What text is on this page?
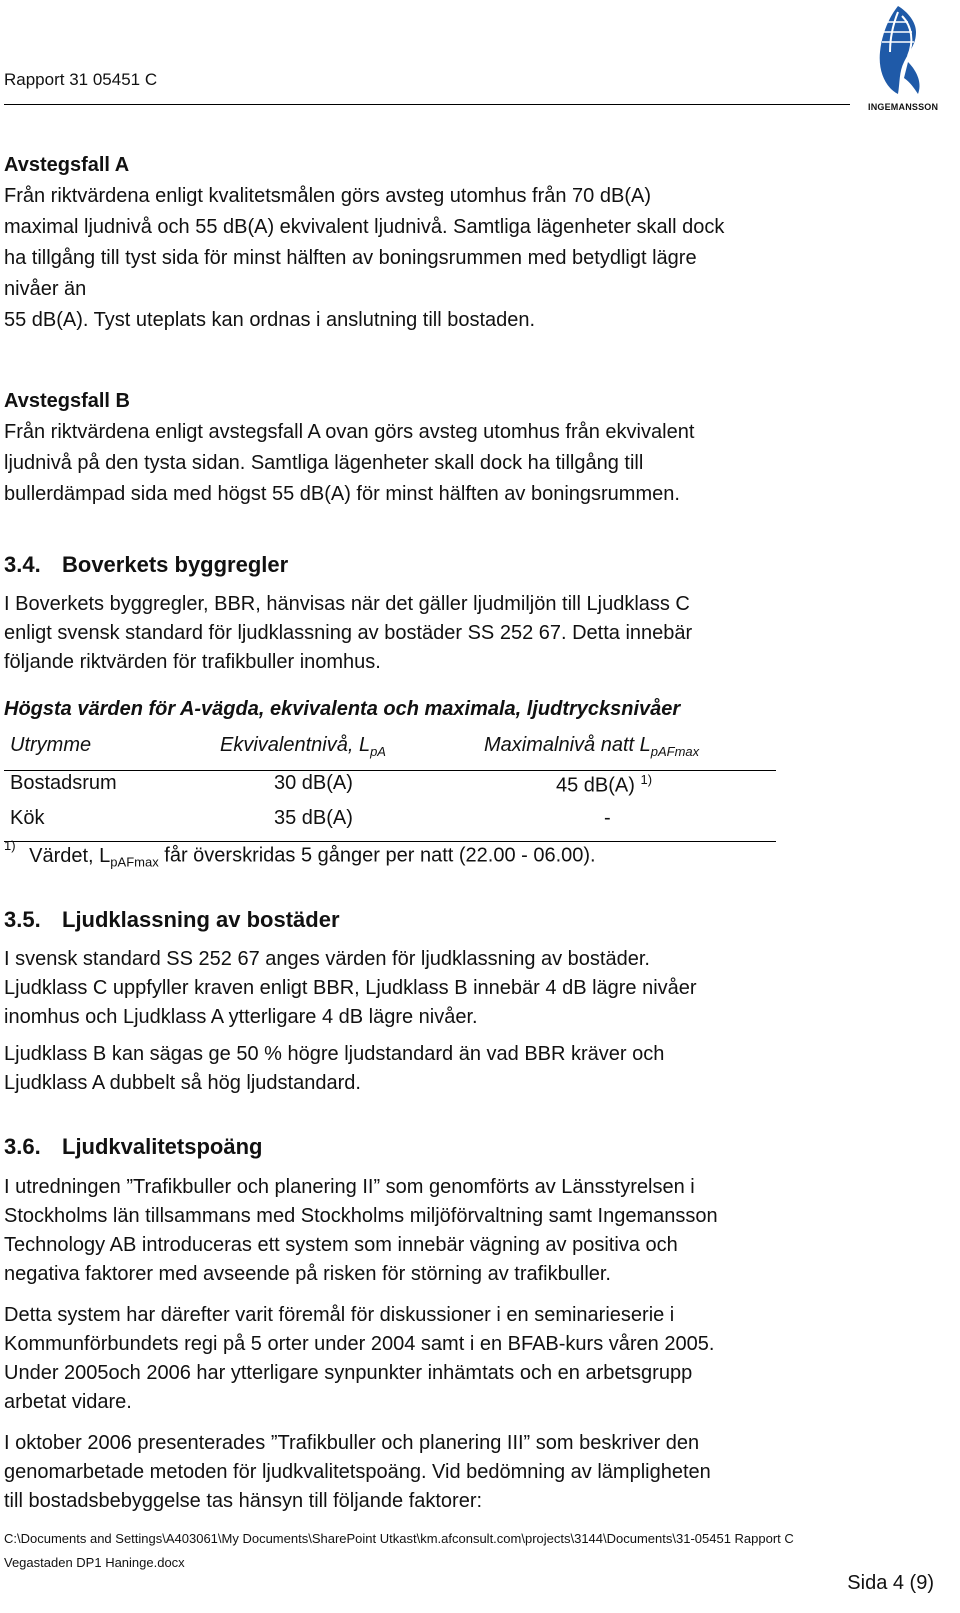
Rapport 31 05451 C
INGEMANSSON
Avstegsfall A

Från riktvärdena enligt kvalitetsmålen görs avsteg utomhus från 70 dB(A)

maximal ljudnivå och 55 dB(A) ekvivalent ljudnivå. Samtliga lägenheter skall dock

ha tillgång till tyst sida för minst hälften av boningsrummen med betydligt lägre

nivåer än

55 dB(A). Tyst uteplats kan ordnas i anslutning till bostaden.

Avstegsfall B

Från riktvärdena enligt avstegsfall A ovan görs avsteg utomhus från ekvivalent

ljudnivå på den tysta sidan. Samtliga lägenheter skall dock ha tillgång till

bullerdämpad sida med högst 55 dB(A) för minst hälften av boningsrummen.

3.4. Boverkets byggregler

I Boverkets byggregler, BBR, hänvisas när det gäller ljudmiljön till Ljudklass C

enligt svensk standard för ljudklassning av bostäder SS 252 67. Detta innebär

följande riktvärden för trafikbuller inomhus.

Högsta värden för A-vägda, ekvivalenta och maximala, ljudtrycksnivåer
Utrymme	Ekvivalentnivå, $L_{pA}$	Maximalnivå natt $L_{pAFmax}$
Bostadsrum	30 dB(A)	45 dB(A) $^{1)}$
Kök	35 dB(A)	-
$^{1)}$ Värdet, $L_{pAFmax}$ får överskridas 5 gånger per natt (22.00 - 06.00).
3.5. Ljudklassning av bostäder

I svensk standard SS 252 67 anges värden för ljudklassning av bostäder.

Ljudklass C uppfyller kraven enligt BBR, Ljudklass B innebär 4 dB lägre nivåer

inomhus och Ljudklass A ytterligare 4 dB lägre nivåer.

Ljudklass B kan sägas ge 50 % högre ljudstandard än vad BBR kräver och

Ljudklass A dubbelt så hög ljudstandard.

3.6. Ljudkvalitetspoäng

I utredningen ”Trafikbuller och planering II” som genomförts av Länsstyrelsen i

Stockholms län tillsammans med Stockholms miljöförvaltning samt Ingemansson

Technology AB introduceras ett system som innebär vägning av positiva och

negativa faktorer med avseende på risken för störning av trafikbuller.

Detta system har därefter varit föremål för diskussioner i en seminarieserie i

Kommunförbundets regi på 5 orter under 2004 samt i en BFAB-kurs våren 2005.

Under 2005och 2006 har ytterligare synpunkter inhämtats och en arbetsgrupp

arbetat vidare.

I oktober 2006 presenterades ”Trafikbuller och planering III” som beskriver den

genomarbetade metoden för ljudkvalitetspoäng. Vid bedömning av lämpligheten

till bostadsbebyggelse tas hänsyn till följande faktorer:

C:\Documents and Settings\A403061\My Documents\SharePoint Utkast\km.afconsult.com\projects\3144\Documents\31-05451 Rapport C
Vegastaden DP1 Haninge.docx
Sida 4 (9)
